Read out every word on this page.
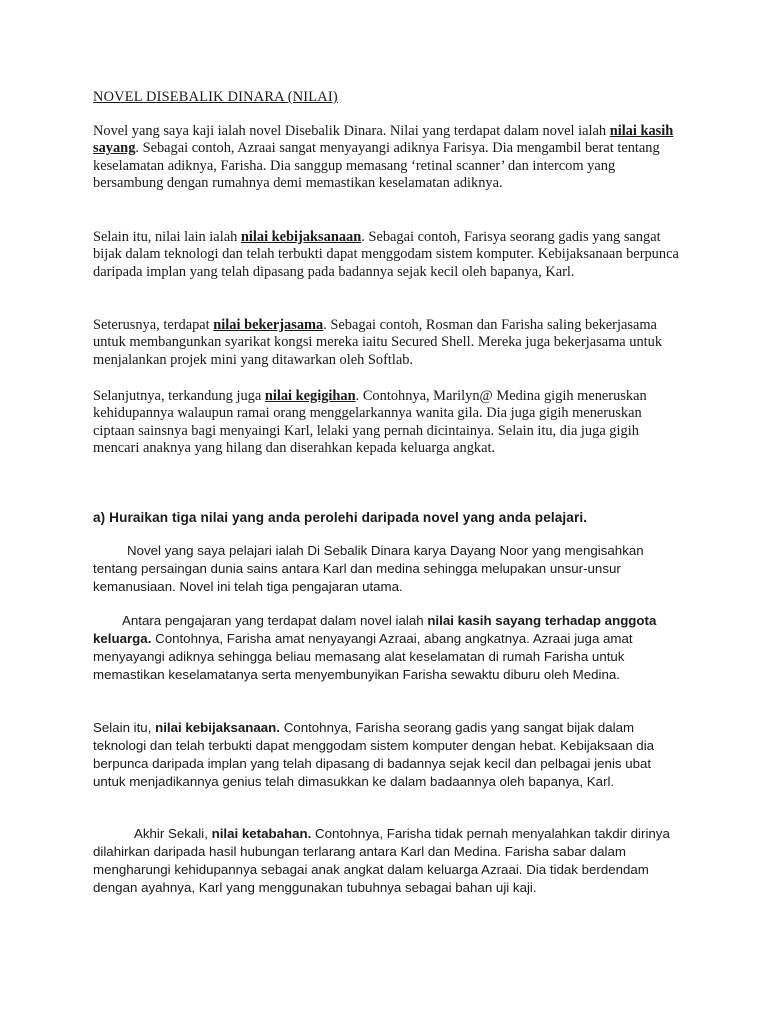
NOVEL DISEBALIK DINARA (NILAI)

Novel yang saya kaji ialah novel Disebalik Dinara. Nilai yang terdapat dalam novel ialah nilai kasih sayang. Sebagai contoh, Azraai sangat menyayangi adiknya Farisya. Dia mengambil berat tentang keselamatan adiknya, Farisha. Dia sanggup memasang ‘retinal scanner’ dan intercom yang bersambung dengan rumahnya demi memastikan keselamatan adiknya.

Selain itu, nilai lain ialah nilai kebijaksanaan. Sebagai contoh, Farisya seorang gadis yang sangat bijak dalam teknologi dan telah terbukti dapat menggodam sistem komputer. Kebijaksanaan berpunca daripada implan yang telah dipasang pada badannya sejak kecil oleh bapanya, Karl.

Seterusnya, terdapat nilai bekerjasama. Sebagai contoh, Rosman dan Farisha saling bekerjasama untuk membangunkan syarikat kongsi mereka iaitu Secured Shell. Mereka juga bekerjasama untuk menjalankan projek mini yang ditawarkan oleh Softlab.

Selanjutnya, terkandung juga nilai kegigihan. Contohnya, Marilyn@ Medina gigih meneruskan kehidupannya walaupun ramai orang menggelarkannya wanita gila. Dia juga gigih meneruskan ciptaan sainsnya bagi menyaingi Karl, lelaki yang pernah dicintainya. Selain itu, dia juga gigih mencari anaknya yang hilang dan diserahkan kepada keluarga angkat.

a) Huraikan tiga nilai yang anda perolehi daripada novel yang anda pelajari.

Novel yang saya pelajari ialah Di Sebalik Dinara karya Dayang Noor yang mengisahkan tentang persaingan dunia sains antara Karl dan medina sehingga melupakan unsur-unsur kemanusiaan. Novel ini telah tiga pengajaran utama.

Antara pengajaran yang terdapat dalam novel ialah nilai kasih sayang terhadap anggota keluarga. Contohnya, Farisha amat nenyayangi Azraai, abang angkatnya. Azraai juga amat menyayangi adiknya sehingga beliau memasang alat keselamatan di rumah Farisha untuk memastikan keselamatanya serta menyembunyikan Farisha sewaktu diburu oleh Medina.

Selain itu, nilai kebijaksanaan. Contohnya, Farisha seorang gadis yang sangat bijak dalam teknologi dan telah terbukti dapat menggodam sistem komputer dengan hebat. Kebijaksaan dia berpunca daripada implan yang telah dipasang di badannya sejak kecil dan pelbagai jenis ubat untuk menjadikannya genius telah dimasukkan ke dalam badaannya oleh bapanya, Karl.

Akhir Sekali, nilai ketabahan. Contohnya, Farisha tidak pernah menyalahkan takdir dirinya dilahirkan daripada hasil hubungan terlarang antara Karl dan Medina. Farisha sabar dalam mengharungi kehidupannya sebagai anak angkat dalam keluarga Azraai. Dia tidak berdendam dengan ayahnya, Karl yang menggunakan tubuhnya sebagai bahan uji kaji.
